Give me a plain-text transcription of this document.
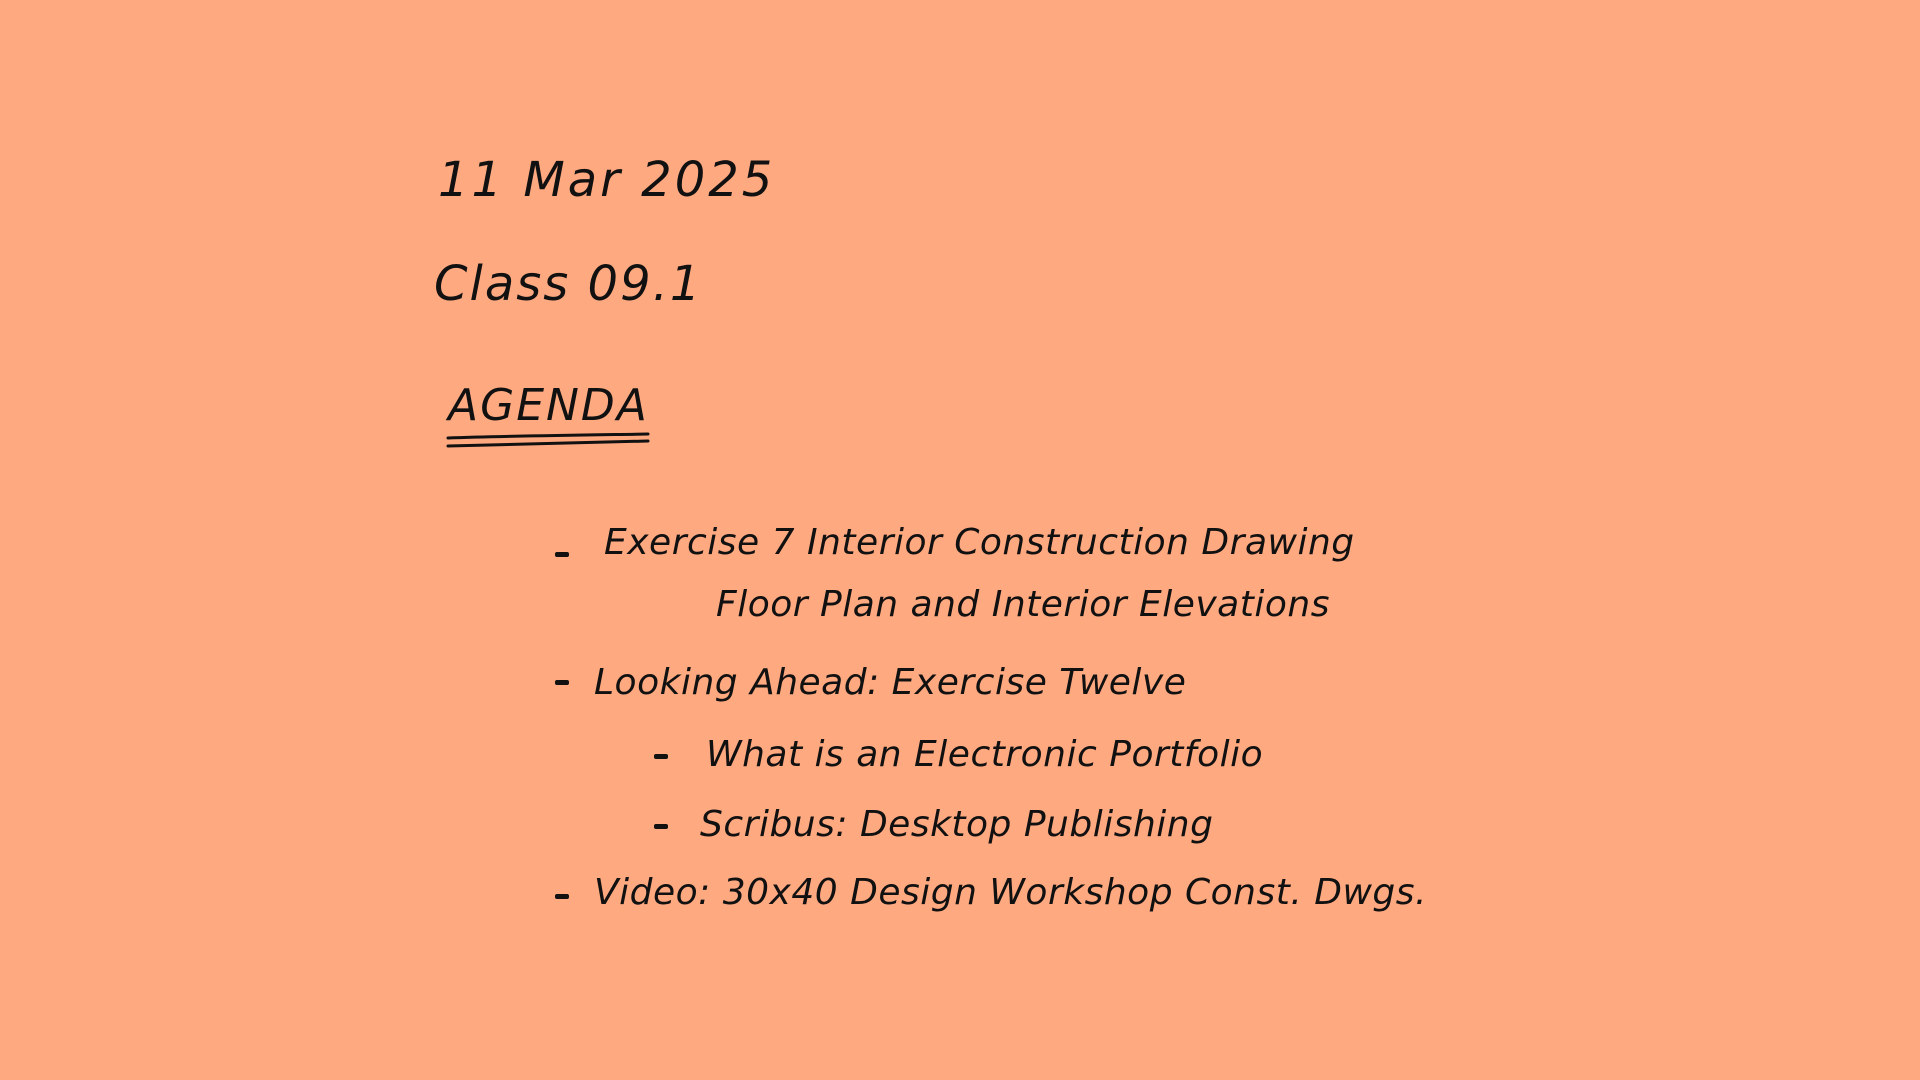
11 Mar 2025
Class 09.1
AGENDA
Exercise 7 Interior Construction Drawing
Floor Plan and Interior Elevations
Looking Ahead: Exercise Twelve
What is an Electronic Portfolio
Scribus: Desktop Publishing
Video: 30x40 Design Workshop Const. Dwgs.
